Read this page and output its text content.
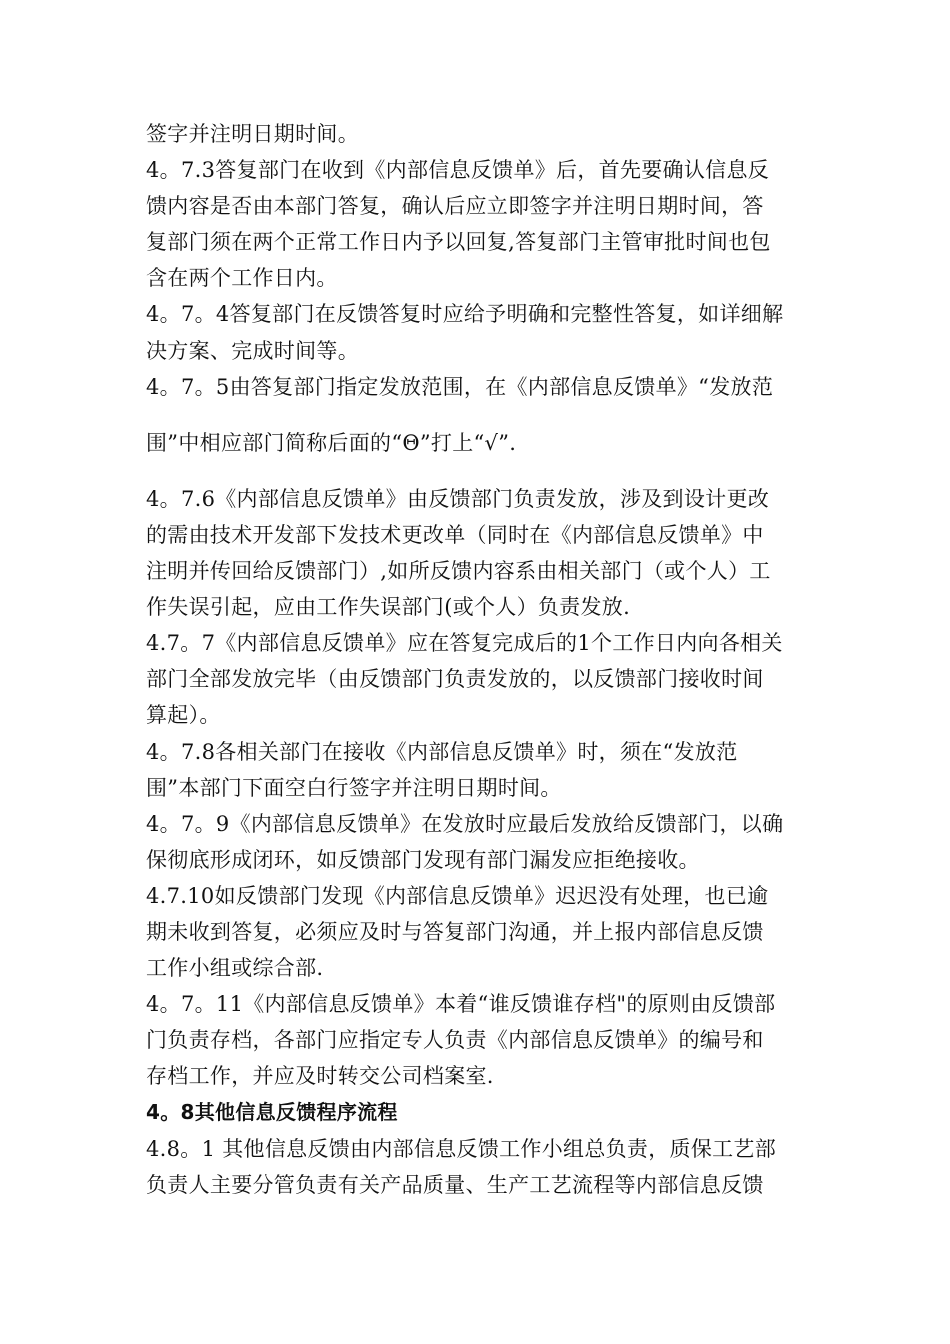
签字并注明日期时间。
4。7.3答复部门在收到《内部信息反馈单》后，首先要确认信息反
馈内容是否由本部门答复，确认后应立即签字并注明日期时间，答
复部门须在两个正常工作日内予以回复,答复部门主管审批时间也包
含在两个工作日内。
4。7。4答复部门在反馈答复时应给予明确和完整性答复，如详细解
决方案、完成时间等。
4。7。5由答复部门指定发放范围，在《内部信息反馈单》“发放范
围”中相应部门简称后面的“Θ”打上“√”.
4。7.6《内部信息反馈单》由反馈部门负责发放，涉及到设计更改
的需由技术开发部下发技术更改单（同时在《内部信息反馈单》中
注明并传回给反馈部门）,如所反馈内容系由相关部门（或个人）工
作失误引起，应由工作失误部门(或个人）负责发放.
4.7。7《内部信息反馈单》应在答复完成后的1个工作日内向各相关
部门全部发放完毕（由反馈部门负责发放的，以反馈部门接收时间
算起）。
4。7.8各相关部门在接收《内部信息反馈单》时，须在“发放范
围”本部门下面空白行签字并注明日期时间。
4。7。9《内部信息反馈单》在发放时应最后发放给反馈部门，以确
保彻底形成闭环，如反馈部门发现有部门漏发应拒绝接收。
4.7.10如反馈部门发现《内部信息反馈单》迟迟没有处理，也已逾
期未收到答复，必须应及时与答复部门沟通，并上报内部信息反馈
工作小组或综合部.
4。7。11《内部信息反馈单》本着“谁反馈谁存档"的原则由反馈部
门负责存档，各部门应指定专人负责《内部信息反馈单》的编号和
存档工作，并应及时转交公司档案室.
4。8其他信息反馈程序流程
4.8。1 其他信息反馈由内部信息反馈工作小组总负责，质保工艺部
负责人主要分管负责有关产品质量、生产工艺流程等内部信息反馈
